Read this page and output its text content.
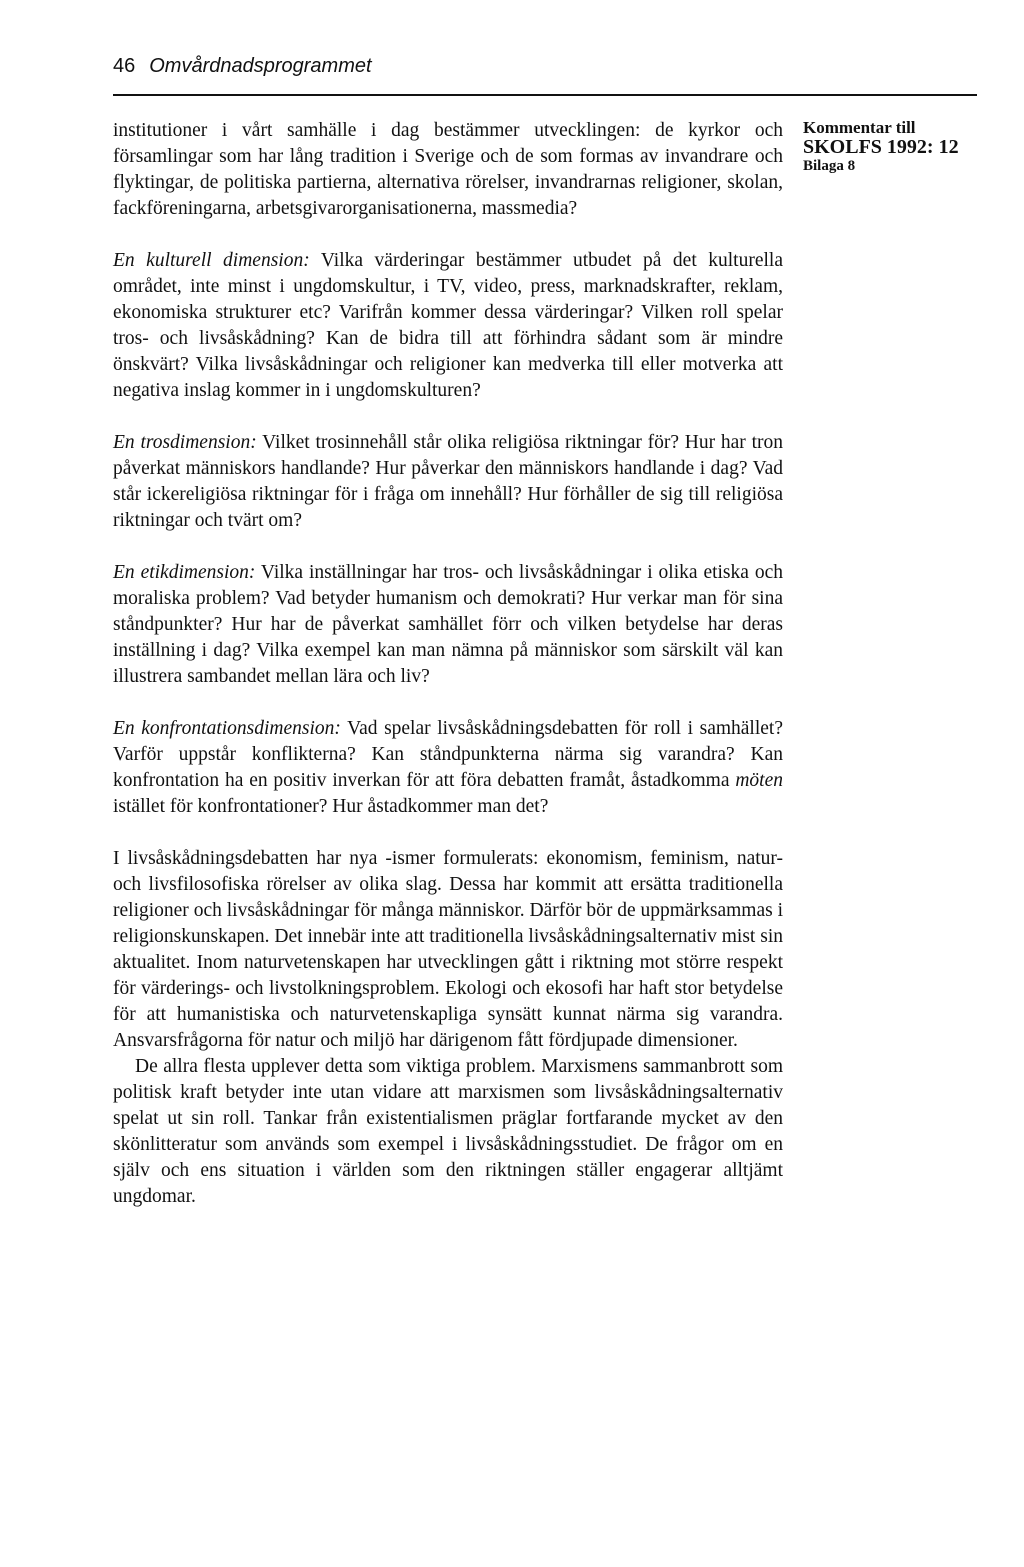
46 Omvårdnadsprogrammet
Kommentar till
SKOLFS 1992: 12
Bilaga 8

institutioner i vårt samhälle i dag bestämmer utvecklingen: de kyrkor och församlingar som har lång tradition i Sverige och de som formas av invandrare och flyktingar, de politiska partierna, alternativa rörelser, invandrarnas religioner, skolan, fackföreningarna, arbetsgivarorganisationerna, massmedia?

En kulturell dimension: Vilka värderingar bestämmer utbudet på det kulturella området, inte minst i ungdomskultur, i TV, video, press, marknadskrafter, reklam, ekonomiska strukturer etc? Varifrån kommer dessa värderingar? Vilken roll spelar tros- och livsåskådning? Kan de bidra till att förhindra sådant som är mindre önskvärt? Vilka livsåskådningar och religioner kan medverka till eller motverka att negativa inslag kommer in i ungdomskulturen?

En trosdimension: Vilket trosinnehåll står olika religiösa riktningar för? Hur har tron påverkat människors handlande? Hur påverkar den människors handlande i dag? Vad står ickereligiösa riktningar för i fråga om innehåll? Hur förhåller de sig till religiösa riktningar och tvärt om?

En etikdimension: Vilka inställningar har tros- och livsåskådningar i olika etiska och moraliska problem? Vad betyder humanism och demokrati? Hur verkar man för sina ståndpunkter? Hur har de påverkat samhället förr och vilken betydelse har deras inställning i dag? Vilka exempel kan man nämna på människor som särskilt väl kan illustrera sambandet mellan lära och liv?

En konfrontationsdimension: Vad spelar livsåskådningsdebatten för roll i samhället? Varför uppstår konflikterna? Kan ståndpunkterna närma sig varandra? Kan konfrontation ha en positiv inverkan för att föra debatten framåt, åstadkomma möten istället för konfrontationer? Hur åstadkommer man det?

I livsåskådningsdebatten har nya -ismer formulerats: ekonomism, feminism, natur- och livsfilosofiska rörelser av olika slag. Dessa har kommit att ersätta traditionella religioner och livsåskådningar för många människor. Därför bör de uppmärksammas i religionskunskapen. Det innebär inte att traditionella livsåskådningsalternativ mist sin aktualitet. Inom naturvetenskapen har utvecklingen gått i riktning mot större respekt för värderings- och livstolkningsproblem. Ekologi och ekosofi har haft stor betydelse för att humanistiska och naturvetenskapliga synsätt kunnat närma sig varandra. Ansvarsfrågorna för natur och miljö har därigenom fått fördjupade dimensioner.

De allra flesta upplever detta som viktiga problem. Marxismens sammanbrott som politisk kraft betyder inte utan vidare att marxismen som livsåskådningsalternativ spelat ut sin roll. Tankar från existentialismen präglar fortfarande mycket av den skönlitteratur som används som exempel i livsåskådningsstudiet. De frågor om en själv och ens situation i världen som den riktningen ställer engagerar alltjämt ungdomar.
